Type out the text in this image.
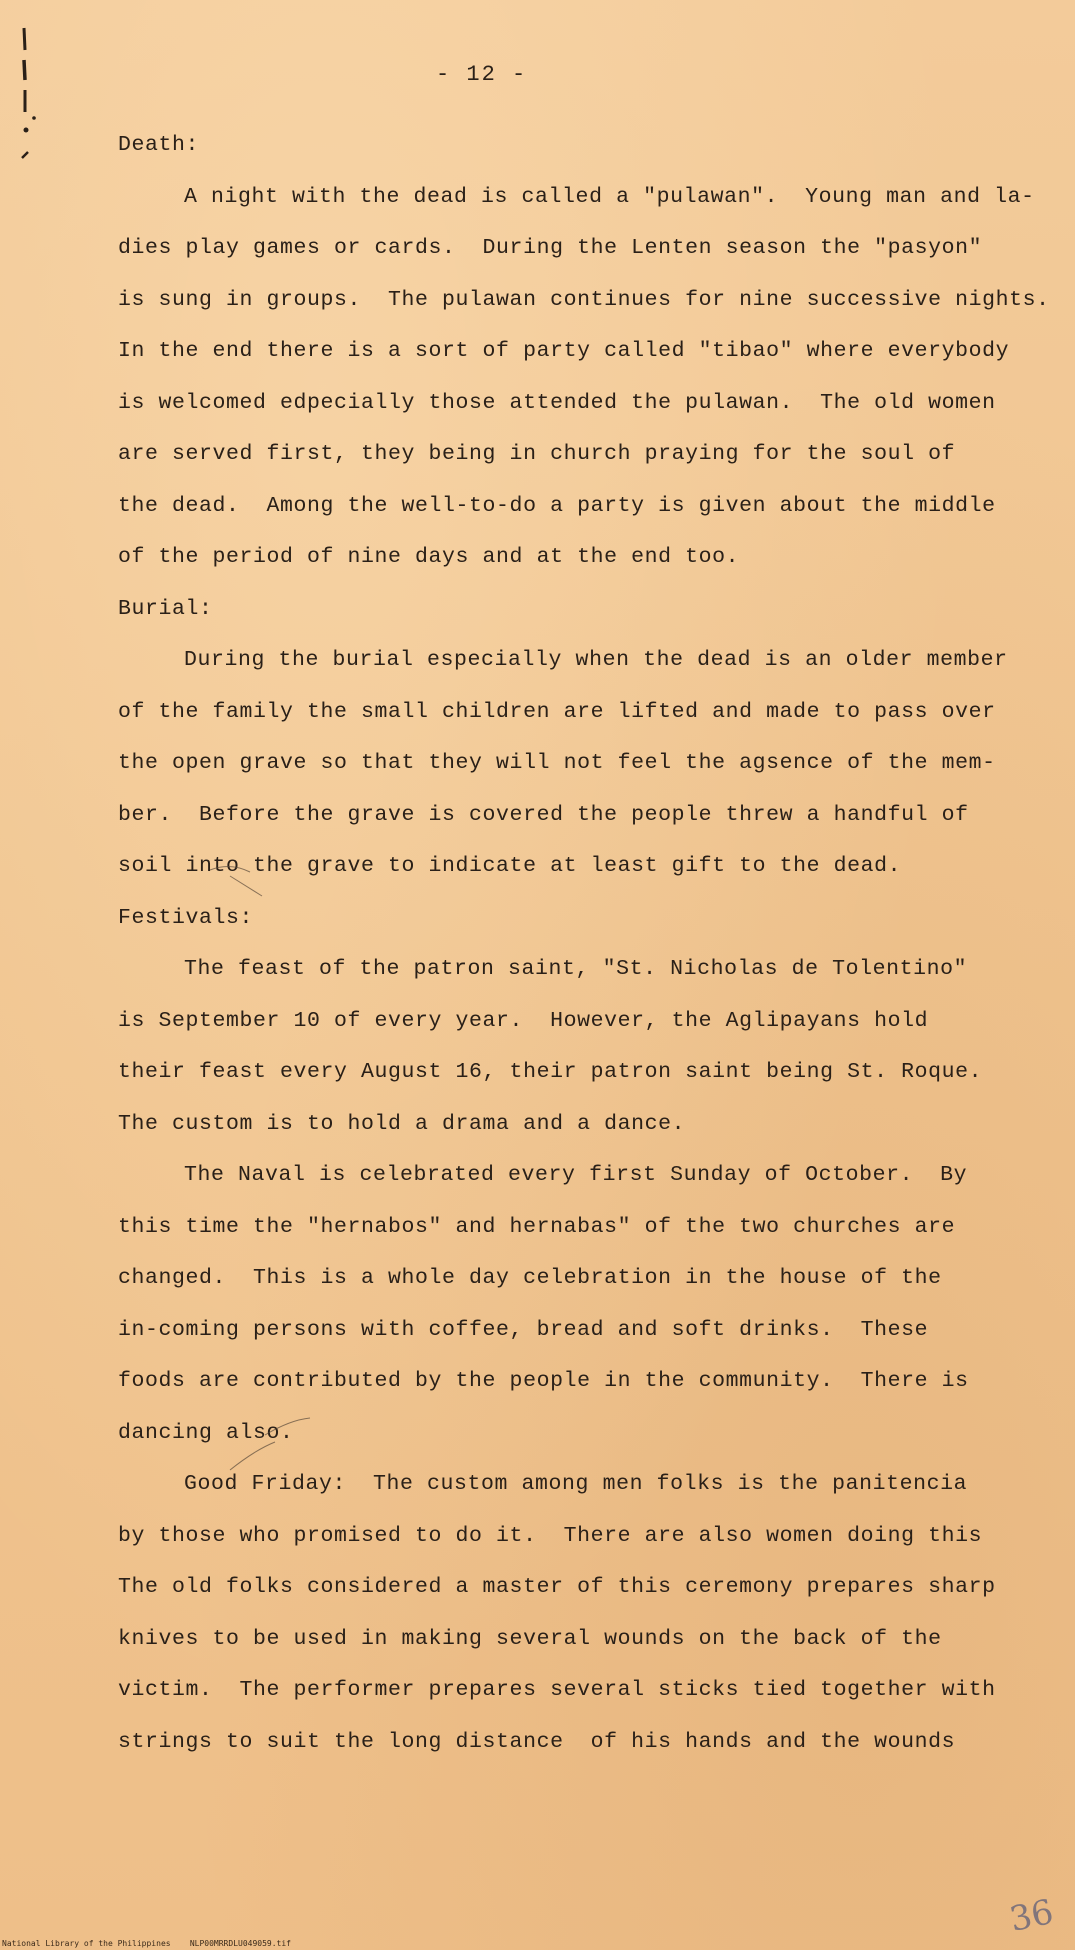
- 12 -
Death:
A night with the dead is called a "pulawan".  Young man and la-
dies play games or cards.  During the Lenten season the "pasyon"
is sung in groups.  The pulawan continues for nine successive nights.
In the end there is a sort of party called "tibao" where everybody
is welcomed edpecially those attended the pulawan.  The old women
are served first, they being in church praying for the soul of
the dead.  Among the well-to-do a party is given about the middle
of the period of nine days and at the end too.
Burial:
During the burial especially when the dead is an older member
of the family the small children are lifted and made to pass over
the open grave so that they will not feel the agsence of the mem-
ber.  Before the grave is covered the people threw a handful of
soil into the grave to indicate at least gift to the dead.
Festivals:
The feast of the patron saint, "St. Nicholas de Tolentino"
is September 10 of every year.  However, the Aglipayans hold
their feast every August 16, their patron saint being St. Roque.
The custom is to hold a drama and a dance.
The Naval is celebrated every first Sunday of October.  By
this time the "hernabos" and hernabas" of the two churches are
changed.  This is a whole day celebration in the house of the
in-coming persons with coffee, bread and soft drinks.  These
foods are contributed by the people in the community.  There is
dancing also.
Good Friday:  The custom among men folks is the panitencia
by those who promised to do it.  There are also women doing this
The old folks considered a master of this ceremony prepares sharp
knives to be used in making several wounds on the back of the
victim.  The performer prepares several sticks tied together with
strings to suit the long distance  of his hands and the wounds
36
National Library of the Philippines    NLP00MRRDLU049059.tif
